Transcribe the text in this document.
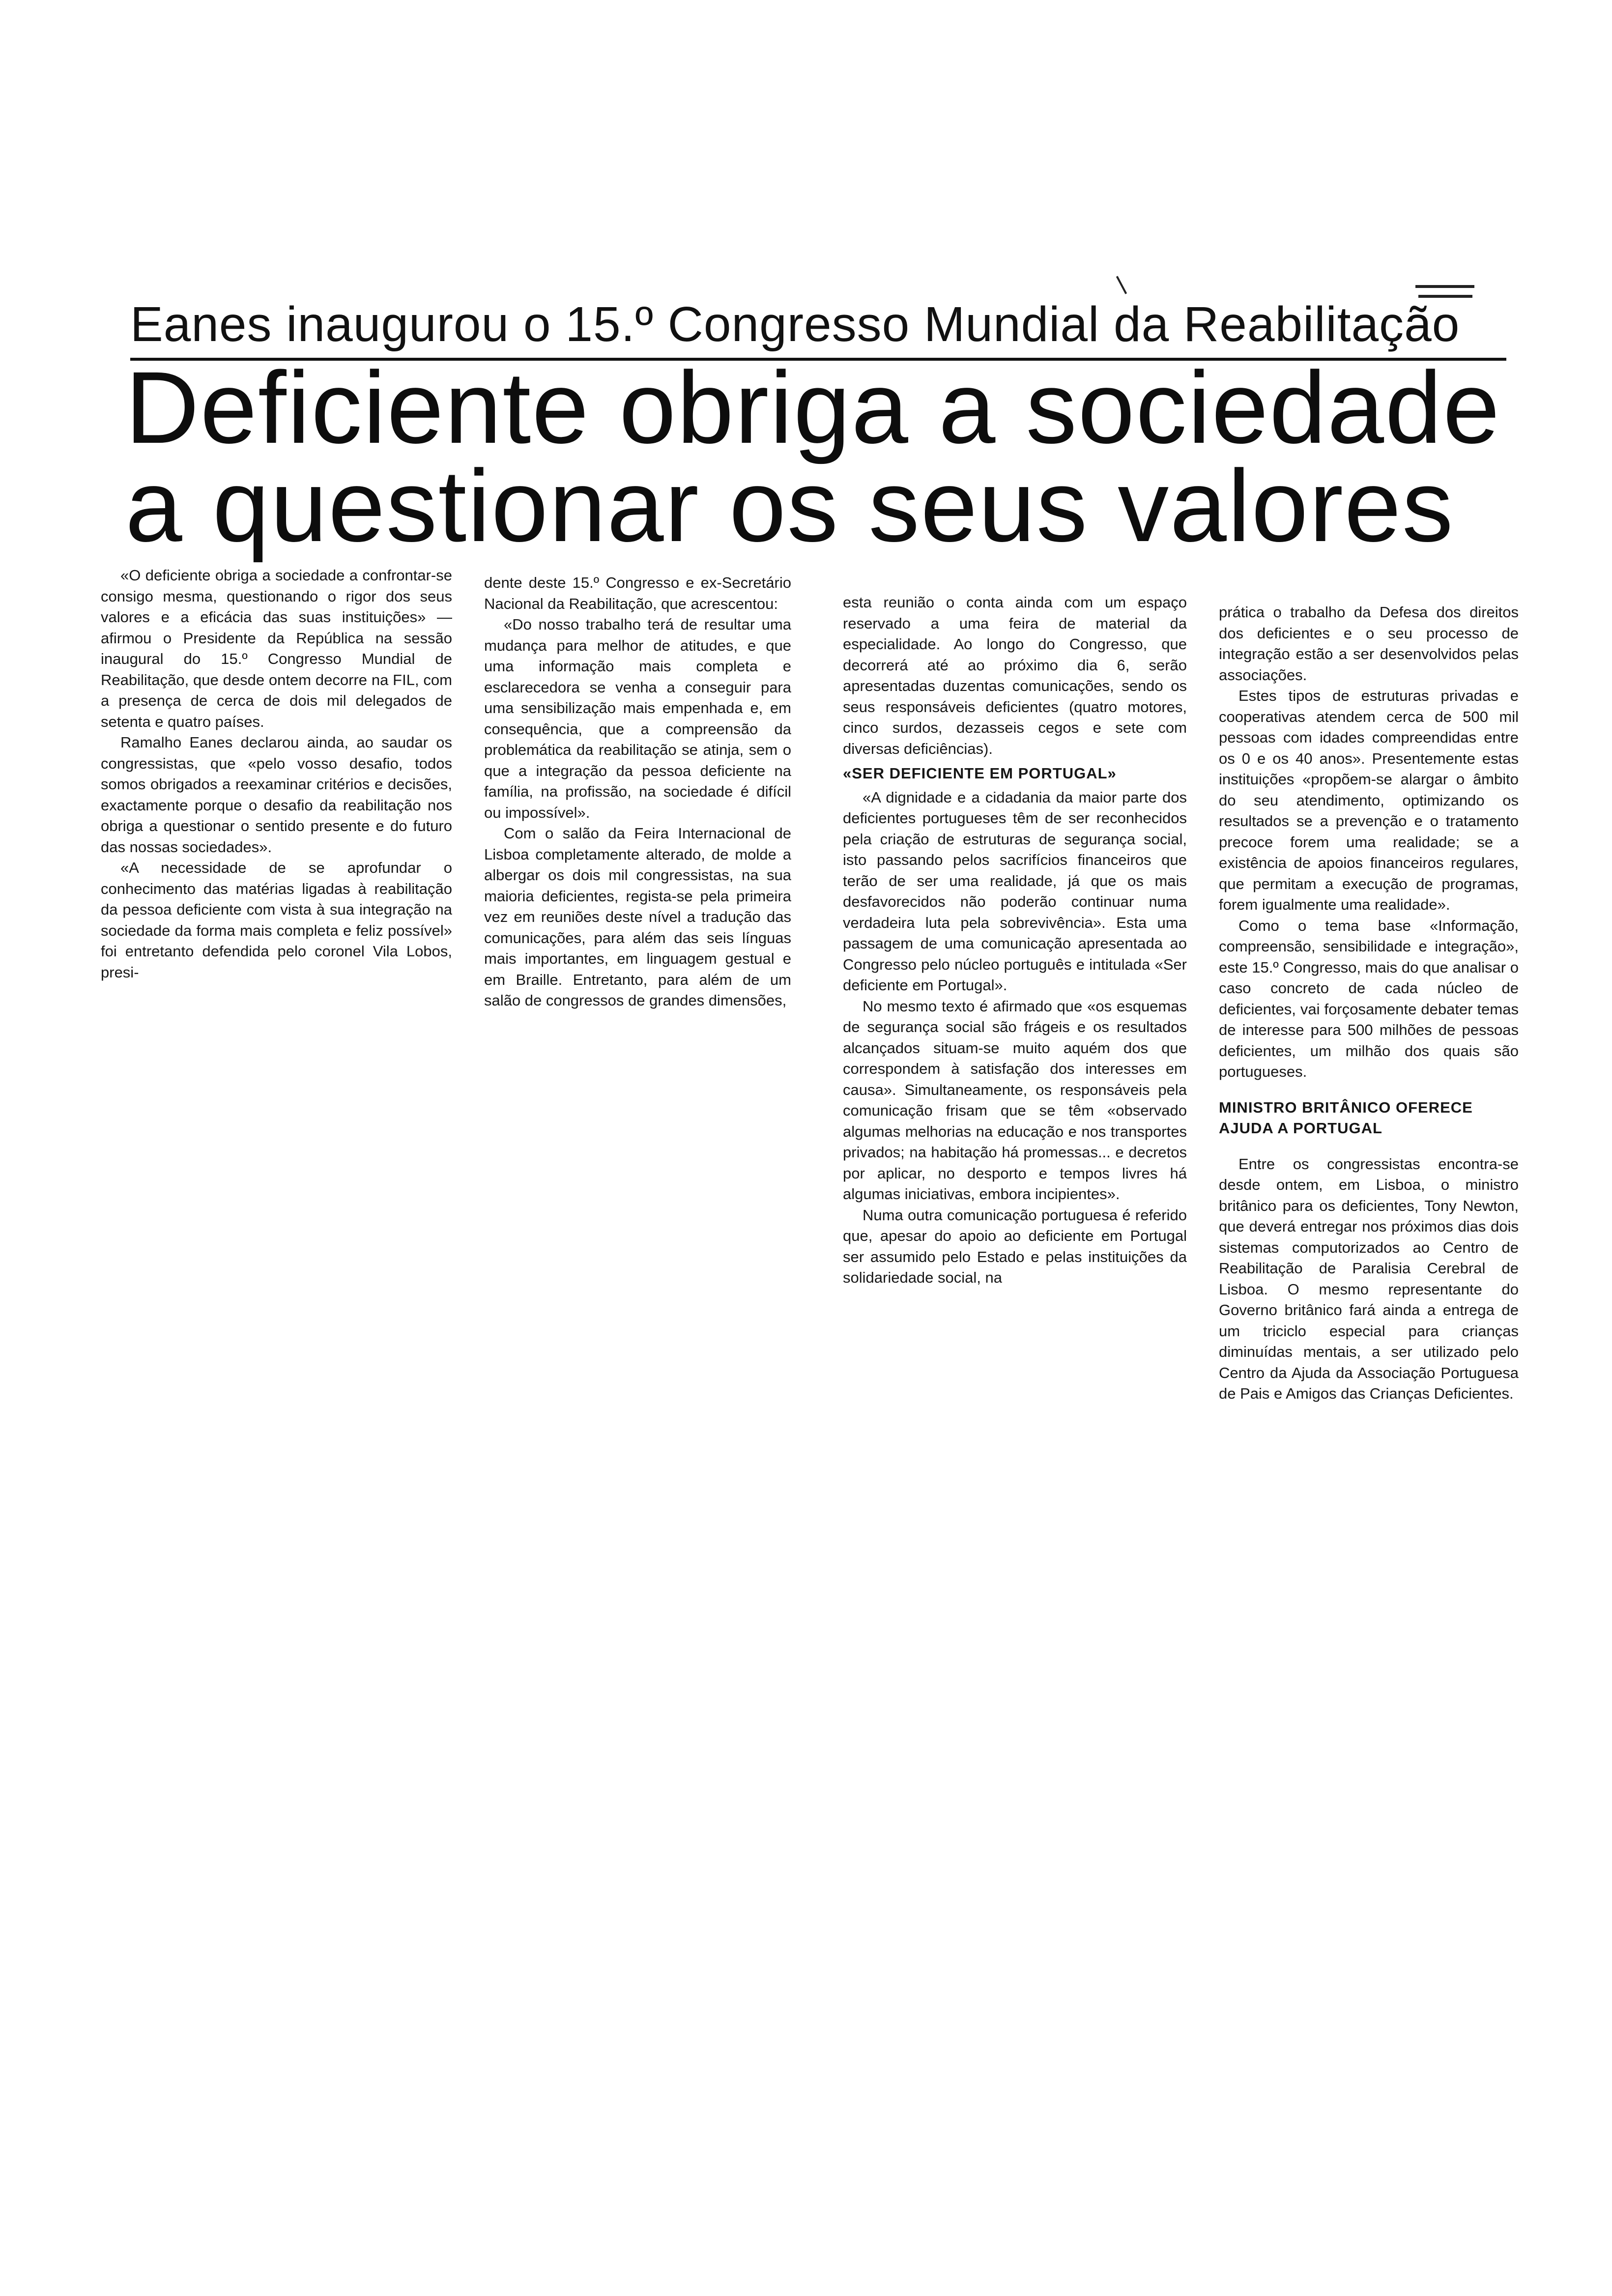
Eanes inaugurou o 15.º Congresso Mundial da Reabilitação
Deficiente obriga a sociedade
a questionar os seus valores

«O deficiente obriga a sociedade a confrontar-se consigo mesma, questionando o rigor dos seus valores e a eficácia das suas instituições» — afirmou o Presidente da República na sessão inaugural do 15.º Congresso Mundial de Reabilitação, que desde ontem decorre na FIL, com a presença de cerca de dois mil delegados de setenta e quatro países.

Ramalho Eanes declarou ainda, ao saudar os congressistas, que «pelo vosso desafio, todos somos obrigados a reexaminar critérios e decisões, exactamente porque o desafio da reabilitação nos obriga a questionar o sentido presente e do futuro das nossas sociedades».

«A necessidade de se aprofundar o conhecimento das matérias ligadas à reabilitação da pessoa deficiente com vista à sua integração na sociedade da forma mais completa e feliz possível» foi entretanto defendida pelo coronel Vila Lobos, presi-

dente deste 15.º Congresso e ex-Secretário Nacional da Reabilitação, que acrescentou:

«Do nosso trabalho terá de resultar uma mudança para melhor de atitudes, e que uma informação mais completa e esclarecedora se venha a conseguir para uma sensibilização mais empenhada e, em consequência, que a compreensão da problemática da reabilitação se atinja, sem o que a integração da pessoa deficiente na família, na profissão, na sociedade é difícil ou impossível».

Com o salão da Feira Internacional de Lisboa completamente alterado, de molde a albergar os dois mil congressistas, na sua maioria deficientes, regista-se pela primeira vez em reuniões deste nível a tradução das comunicações, para além das seis línguas mais importantes, em linguagem gestual e em Braille. Entretanto, para além de um salão de congressos de grandes dimensões,

esta reunião o conta ainda com um espaço reservado a uma feira de material da especialidade. Ao longo do Congresso, que decorrerá até ao próximo dia 6, serão apresentadas duzentas comunicações, sendo os seus responsáveis deficientes (quatro motores, cinco surdos, dezasseis cegos e sete com diversas deficiências).

«SER DEFICIENTE EM PORTUGAL»

«A dignidade e a cidadania da maior parte dos deficientes portugueses têm de ser reconhecidos pela criação de estruturas de segurança social, isto passando pelos sacrifícios financeiros que terão de ser uma realidade, já que os mais desfavorecidos não poderão continuar numa verdadeira luta pela sobrevivência». Esta uma passagem de uma comunicação apresentada ao Congresso pelo núcleo português e intitulada «Ser deficiente em Portugal».

No mesmo texto é afirmado que «os esquemas de segurança social são frágeis e os resultados alcançados situam-se muito aquém dos que correspondem à satisfação dos interesses em causa». Simultaneamente, os responsáveis pela comunicação frisam que se têm «observado algumas melhorias na educação e nos transportes privados; na habitação há promessas... e decretos por aplicar, no desporto e tempos livres há algumas iniciativas, embora incipientes».

Numa outra comunicação portuguesa é referido que, apesar do apoio ao deficiente em Portugal ser assumido pelo Estado e pelas instituições da solidariedade social, na

prática o trabalho da Defesa dos direitos dos deficientes e o seu processo de integração estão a ser desenvolvidos pelas associações.

Estes tipos de estruturas privadas e cooperativas atendem cerca de 500 mil pessoas com idades compreendidas entre os 0 e os 40 anos». Presentemente estas instituições «propõem-se alargar o âmbito do seu atendimento, optimizando os resultados se a prevenção e o tratamento precoce forem uma realidade; se a existência de apoios financeiros regulares, que permitam a execução de programas, forem igualmente uma realidade».

Como o tema base «Informação, compreensão, sensibilidade e integração», este 15.º Congresso, mais do que analisar o caso concreto de cada núcleo de deficientes, vai forçosamente debater temas de interesse para 500 milhões de pessoas deficientes, um milhão dos quais são portugueses.

MINISTRO BRITÂNICO OFERECE AJUDA A PORTUGAL

Entre os congressistas encontra-se desde ontem, em Lisboa, o ministro britânico para os deficientes, Tony Newton, que deverá entregar nos próximos dias dois sistemas computorizados ao Centro de Reabilitação de Paralisia Cerebral de Lisboa. O mesmo representante do Governo britânico fará ainda a entrega de um triciclo especial para crianças diminuídas mentais, a ser utilizado pelo Centro da Ajuda da Associação Portuguesa de Pais e Amigos das Crianças Deficientes.
